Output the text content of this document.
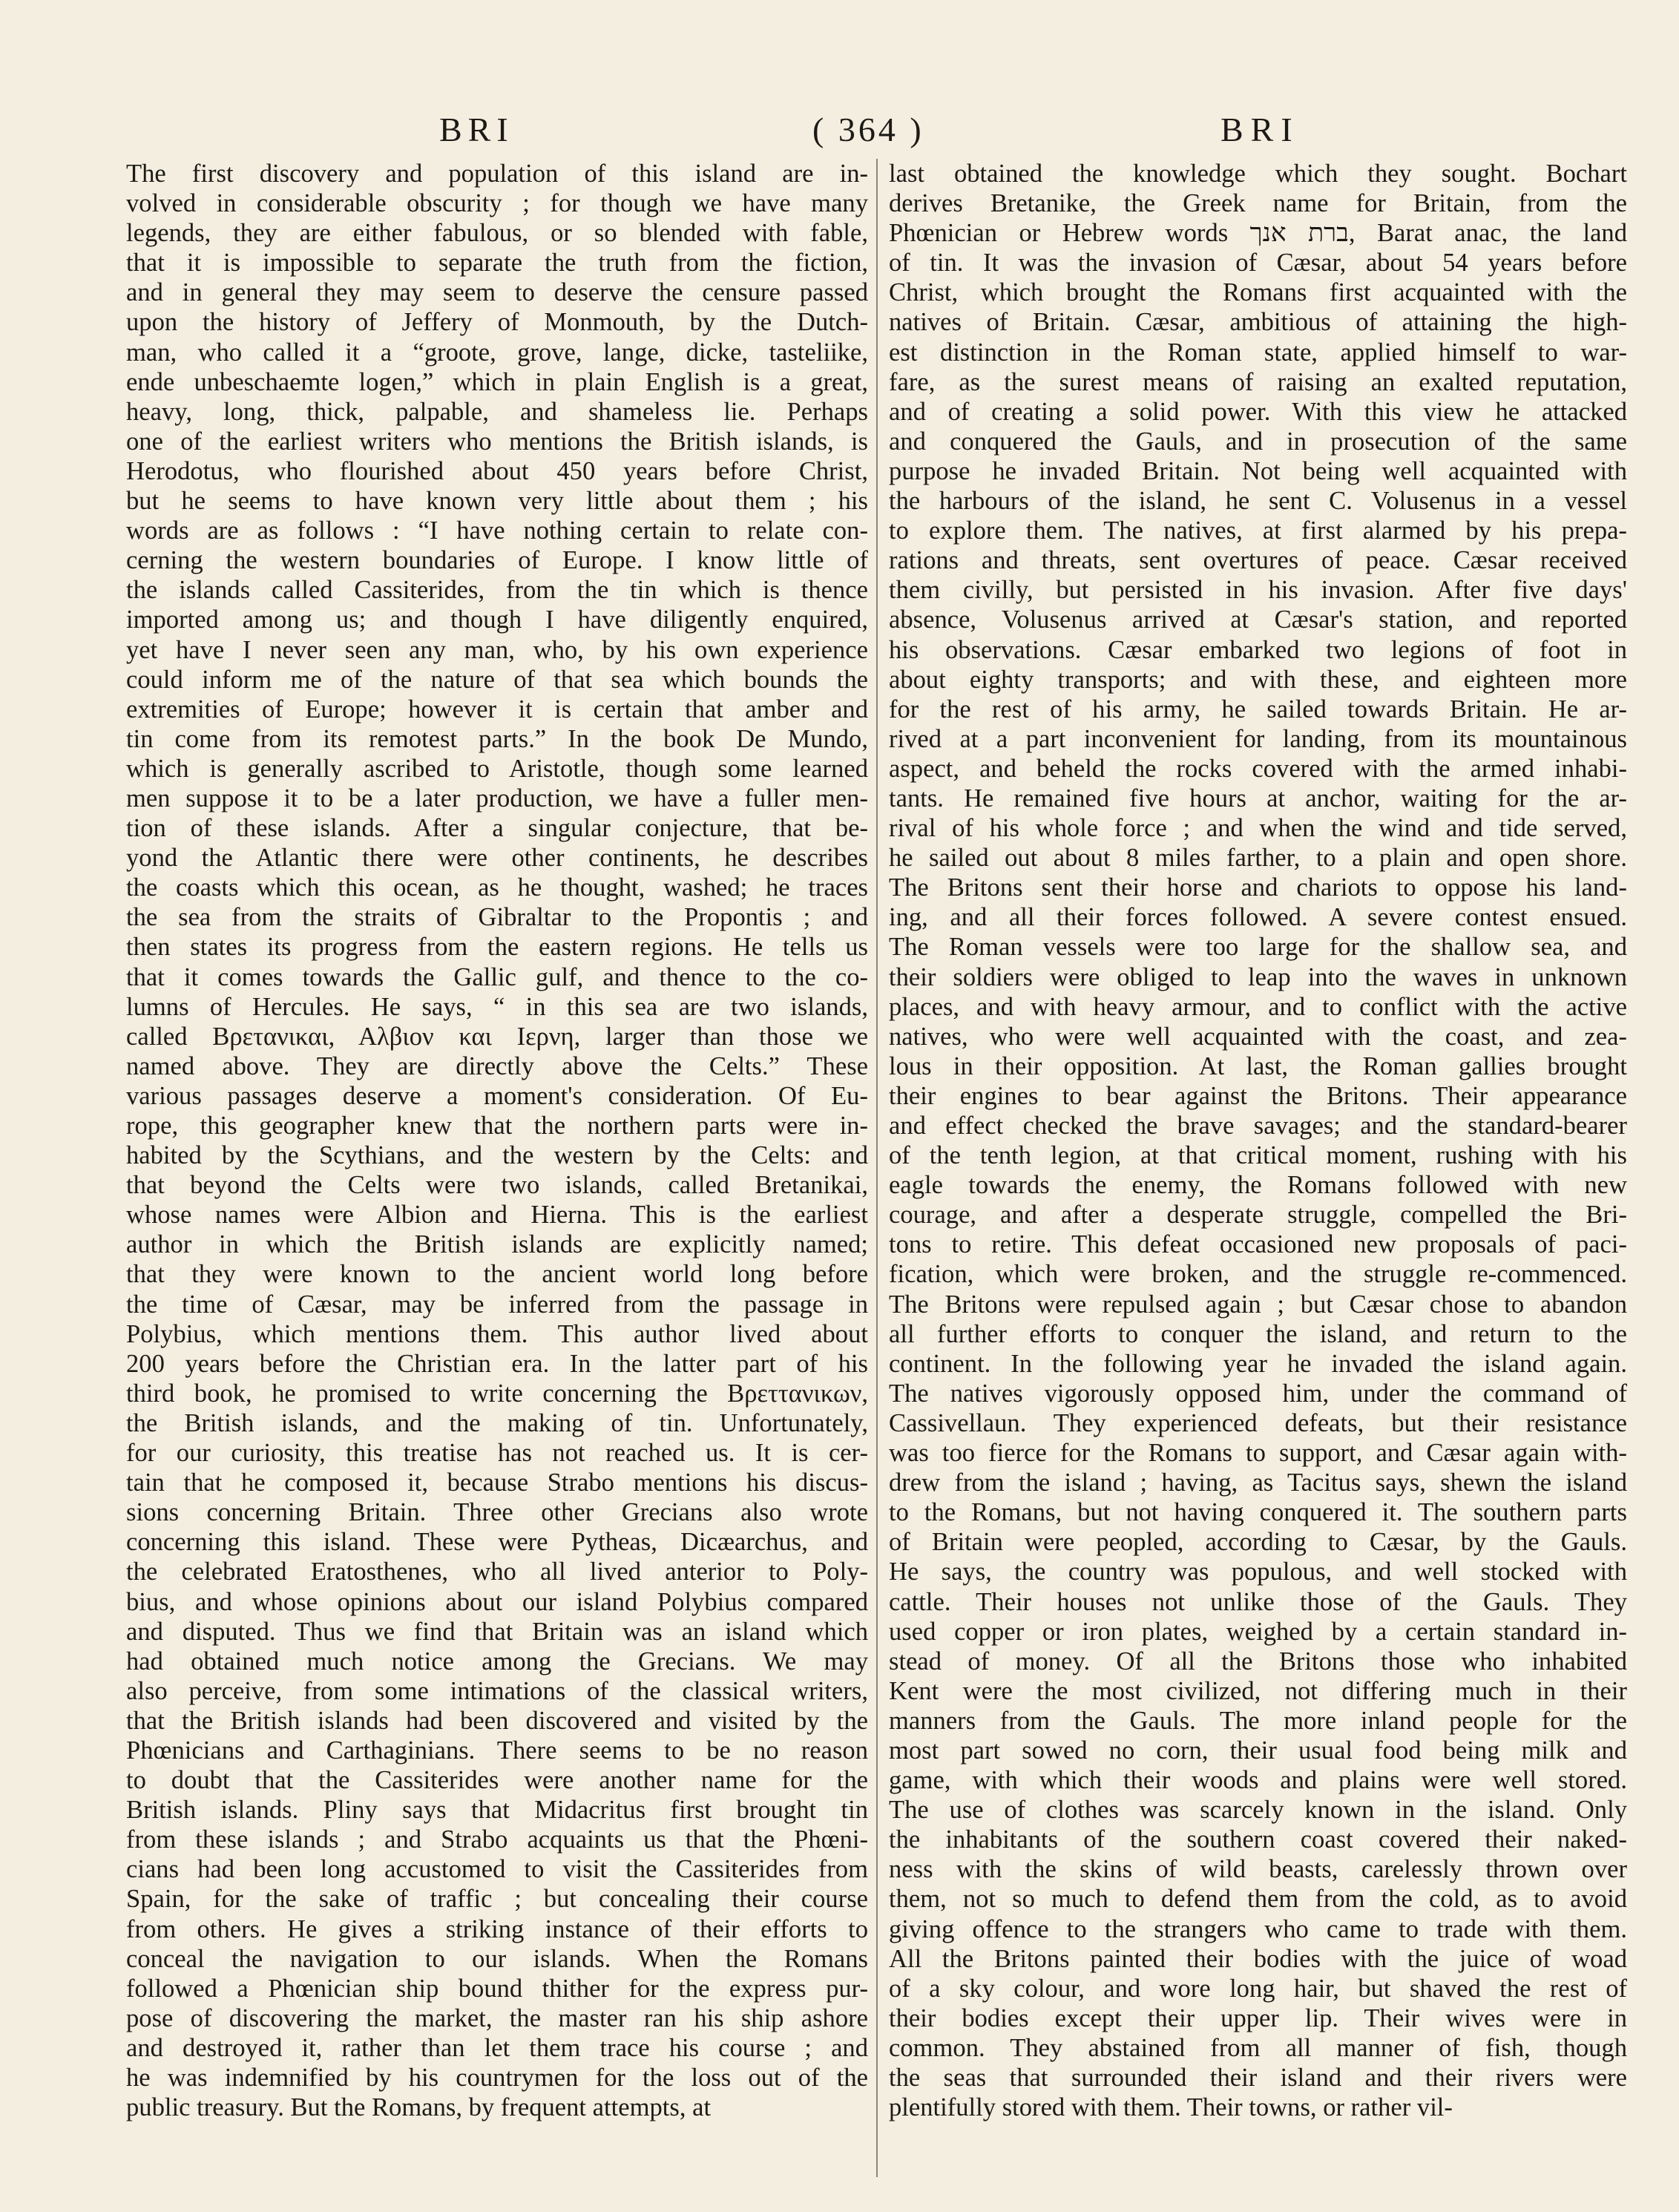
BRI	( 364 )	BRI
The first discovery and population of this island are in-
volved in considerable obscurity ; for though we have many
legends, they are either fabulous, or so blended with fable,
that it is impossible to separate the truth from the fiction,
and in general they may seem to deserve the censure passed
upon the history of Jeffery of Monmouth, by the Dutch-
man, who called it a “groote, grove, lange, dicke, tasteliike,
ende unbeschaemte logen,” which in plain English is a great,
heavy, long, thick, palpable, and shameless lie. Perhaps
one of the earliest writers who mentions the British islands, is
Herodotus, who flourished about 450 years before Christ,
but he seems to have known very little about them ; his
words are as follows : “I have nothing certain to relate con-
cerning the western boundaries of Europe. I know little of
the islands called Cassiterides, from the tin which is thence
imported among us; and though I have diligently enquired,
yet have I never seen any man, who, by his own experience
could inform me of the nature of that sea which bounds the
extremities of Europe; however it is certain that amber and
tin come from its remotest parts.” In the book De Mundo,
which is generally ascribed to Aristotle, though some learned
men suppose it to be a later production, we have a fuller men-
tion of these islands. After a singular conjecture, that be-
yond the Atlantic there were other continents, he describes
the coasts which this ocean, as he thought, washed; he traces
the sea from the straits of Gibraltar to the Propontis ; and
then states its progress from the eastern regions. He tells us
that it comes towards the Gallic gulf, and thence to the co-
lumns of Hercules. He says, “ in this sea are two islands,
called Βρετανικαι, Αλβιον και Ιερνη, larger than those we
named above. They are directly above the Celts.” These
various passages deserve a moment's consideration. Of Eu-
rope, this geographer knew that the northern parts were in-
habited by the Scythians, and the western by the Celts: and
that beyond the Celts were two islands, called Bretanikai,
whose names were Albion and Hierna. This is the earliest
author in which the British islands are explicitly named;
that they were known to the ancient world long before
the time of Cæsar, may be inferred from the passage in
Polybius, which mentions them. This author lived about
200 years before the Christian era. In the latter part of his
third book, he promised to write concerning the Βρεττανικων,
the British islands, and the making of tin. Unfortunately,
for our curiosity, this treatise has not reached us. It is cer-
tain that he composed it, because Strabo mentions his discus-
sions concerning Britain. Three other Grecians also wrote
concerning this island. These were Pytheas, Dicæarchus, and
the celebrated Eratosthenes, who all lived anterior to Poly-
bius, and whose opinions about our island Polybius compared
and disputed. Thus we find that Britain was an island which
had obtained much notice among the Grecians. We may
also perceive, from some intimations of the classical writers,
that the British islands had been discovered and visited by the
Phœnicians and Carthaginians. There seems to be no reason
to doubt that the Cassiterides were another name for the
British islands. Pliny says that Midacritus first brought tin
from these islands ; and Strabo acquaints us that the Phœni-
cians had been long accustomed to visit the Cassiterides from
Spain, for the sake of traffic ; but concealing their course
from others. He gives a striking instance of their efforts to
conceal the navigation to our islands. When the Romans
followed a Phœnician ship bound thither for the express pur-
pose of discovering the market, the master ran his ship ashore
and destroyed it, rather than let them trace his course ; and
he was indemnified by his countrymen for the loss out of the
public treasury. But the Romans, by frequent attempts, at
last obtained the knowledge which they sought. Bochart
derives Bretanike, the Greek name for Britain, from the
Phœnician or Hebrew words ברת אנך, Barat anac, the land
of tin. It was the invasion of Cæsar, about 54 years before
Christ, which brought the Romans first acquainted with the
natives of Britain. Cæsar, ambitious of attaining the high-
est distinction in the Roman state, applied himself to war-
fare, as the surest means of raising an exalted reputation,
and of creating a solid power. With this view he attacked
and conquered the Gauls, and in prosecution of the same
purpose he invaded Britain. Not being well acquainted with
the harbours of the island, he sent C. Volusenus in a vessel
to explore them. The natives, at first alarmed by his prepa-
rations and threats, sent overtures of peace. Cæsar received
them civilly, but persisted in his invasion. After five days'
absence, Volusenus arrived at Cæsar's station, and reported
his observations. Cæsar embarked two legions of foot in
about eighty transports; and with these, and eighteen more
for the rest of his army, he sailed towards Britain. He ar-
rived at a part inconvenient for landing, from its mountainous
aspect, and beheld the rocks covered with the armed inhabi-
tants. He remained five hours at anchor, waiting for the ar-
rival of his whole force ; and when the wind and tide served,
he sailed out about 8 miles farther, to a plain and open shore.
The Britons sent their horse and chariots to oppose his land-
ing, and all their forces followed. A severe contest ensued.
The Roman vessels were too large for the shallow sea, and
their soldiers were obliged to leap into the waves in unknown
places, and with heavy armour, and to conflict with the active
natives, who were well acquainted with the coast, and zea-
lous in their opposition. At last, the Roman gallies brought
their engines to bear against the Britons. Their appearance
and effect checked the brave savages; and the standard-bearer
of the tenth legion, at that critical moment, rushing with his
eagle towards the enemy, the Romans followed with new
courage, and after a desperate struggle, compelled the Bri-
tons to retire. This defeat occasioned new proposals of paci-
fication, which were broken, and the struggle re-commenced.
The Britons were repulsed again ; but Cæsar chose to abandon
all further efforts to conquer the island, and return to the
continent. In the following year he invaded the island again.
The natives vigorously opposed him, under the command of
Cassivellaun. They experienced defeats, but their resistance
was too fierce for the Romans to support, and Cæsar again with-
drew from the island ; having, as Tacitus says, shewn the island
to the Romans, but not having conquered it. The southern parts
of Britain were peopled, according to Cæsar, by the Gauls.
He says, the country was populous, and well stocked with
cattle. Their houses not unlike those of the Gauls. They
used copper or iron plates, weighed by a certain standard in-
stead of money. Of all the Britons those who inhabited
Kent were the most civilized, not differing much in their
manners from the Gauls. The more inland people for the
most part sowed no corn, their usual food being milk and
game, with which their woods and plains were well stored.
The use of clothes was scarcely known in the island. Only
the inhabitants of the southern coast covered their naked-
ness with the skins of wild beasts, carelessly thrown over
them, not so much to defend them from the cold, as to avoid
giving offence to the strangers who came to trade with them.
All the Britons painted their bodies with the juice of woad
of a sky colour, and wore long hair, but shaved the rest of
their bodies except their upper lip. Their wives were in
common. They abstained from all manner of fish, though
the seas that surrounded their island and their rivers were
plentifully stored with them. Their towns, or rather vil-
